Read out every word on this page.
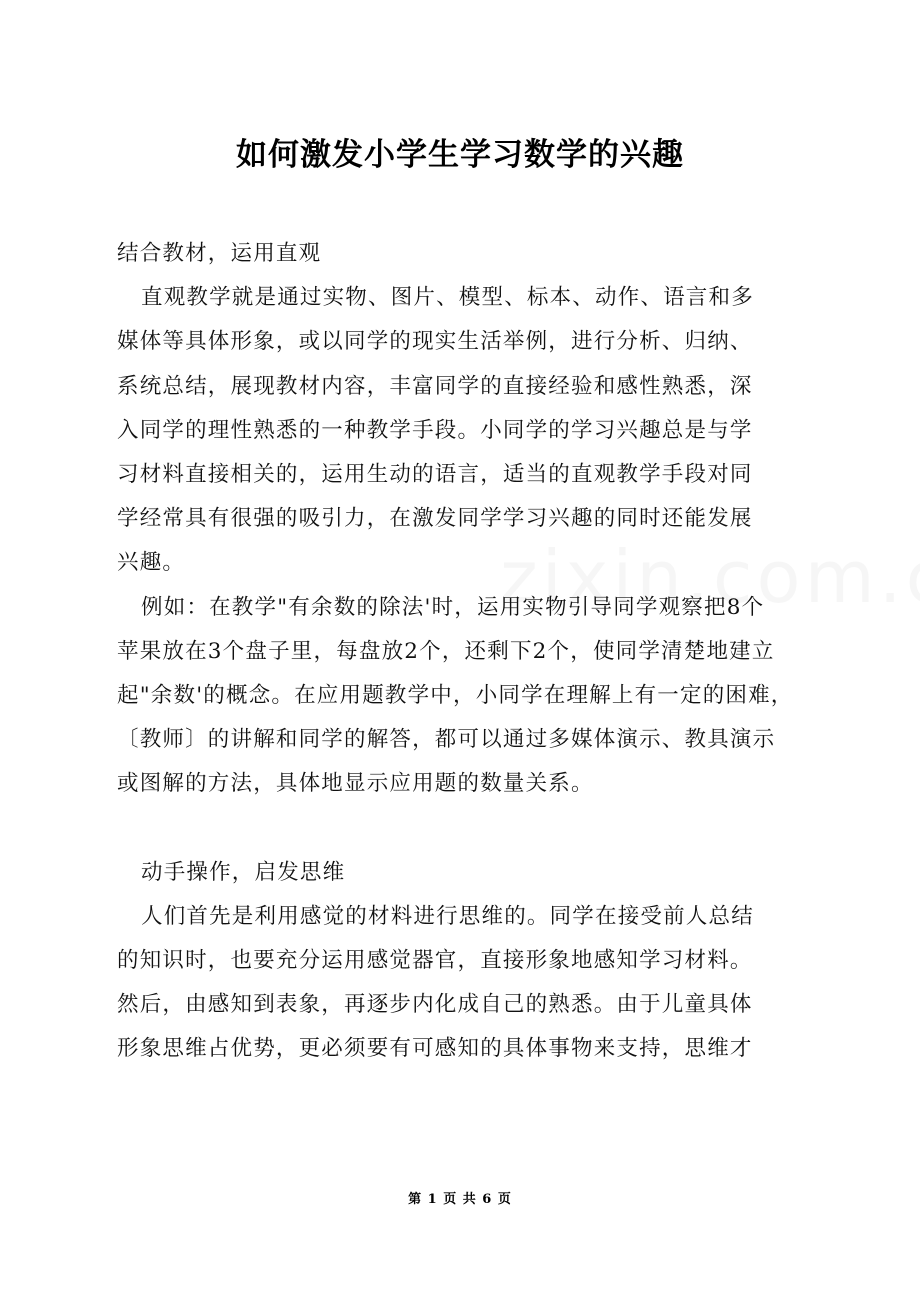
如何激发小学生学习数学的兴趣
结合教材，运用直观
直观教学就是通过实物、图片、模型、标本、动作、语言和多
媒体等具体形象，或以同学的现实生活举例，进行分析、归纳、
系统总结，展现教材内容，丰富同学的直接经验和感性熟悉，深
入同学的理性熟悉的一种教学手段。小同学的学习兴趣总是与学
习材料直接相关的，运用生动的语言，适当的直观教学手段对同
学经常具有很强的吸引力，在激发同学学习兴趣的同时还能发展
兴趣。
例如：在教学"有余数的除法'时，运用实物引导同学观察把8个
苹果放在3个盘子里，每盘放2个，还剩下2个，使同学清楚地建立
起"余数'的概念。在应用题教学中，小同学在理解上有一定的困难，
〔教师〕的讲解和同学的解答，都可以通过多媒体演示、教具演示
或图解的方法，具体地显示应用题的数量关系。
动手操作，启发思维
人们首先是利用感觉的材料进行思维的。同学在接受前人总结
的知识时，也要充分运用感觉器官，直接形象地感知学习材料。
然后，由感知到表象，再逐步内化成自己的熟悉。由于儿童具体
形象思维占优势，更必须要有可感知的具体事物来支持，思维才
第 1 页 共 6 页
